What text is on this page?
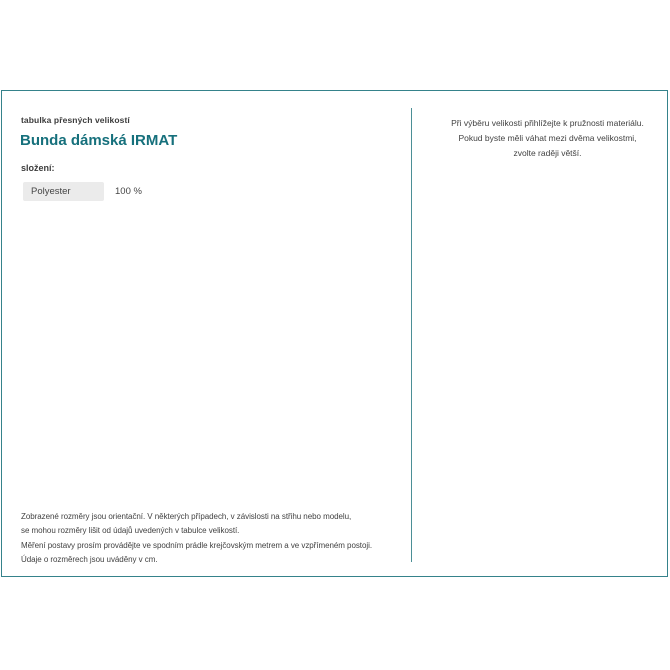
tabulka přesných velikostí
Bunda dámská IRMAT
složení:
Polyester	100 %
Zobrazené rozměry jsou orientační. V některých případech, v závislosti na střihu nebo modelu,
se mohou rozměry lišit od údajů uvedených v tabulce velikostí.
Měření postavy prosím provádějte ve spodním prádle krejčovským metrem a ve vzpřímeném postoji.
Údaje o rozměrech jsou uváděny v cm.
Při výběru velikosti přihlížejte k pružnosti materiálu.
Pokud byste měli váhat mezi dvěma velikostmi,
zvolte raději větší.
